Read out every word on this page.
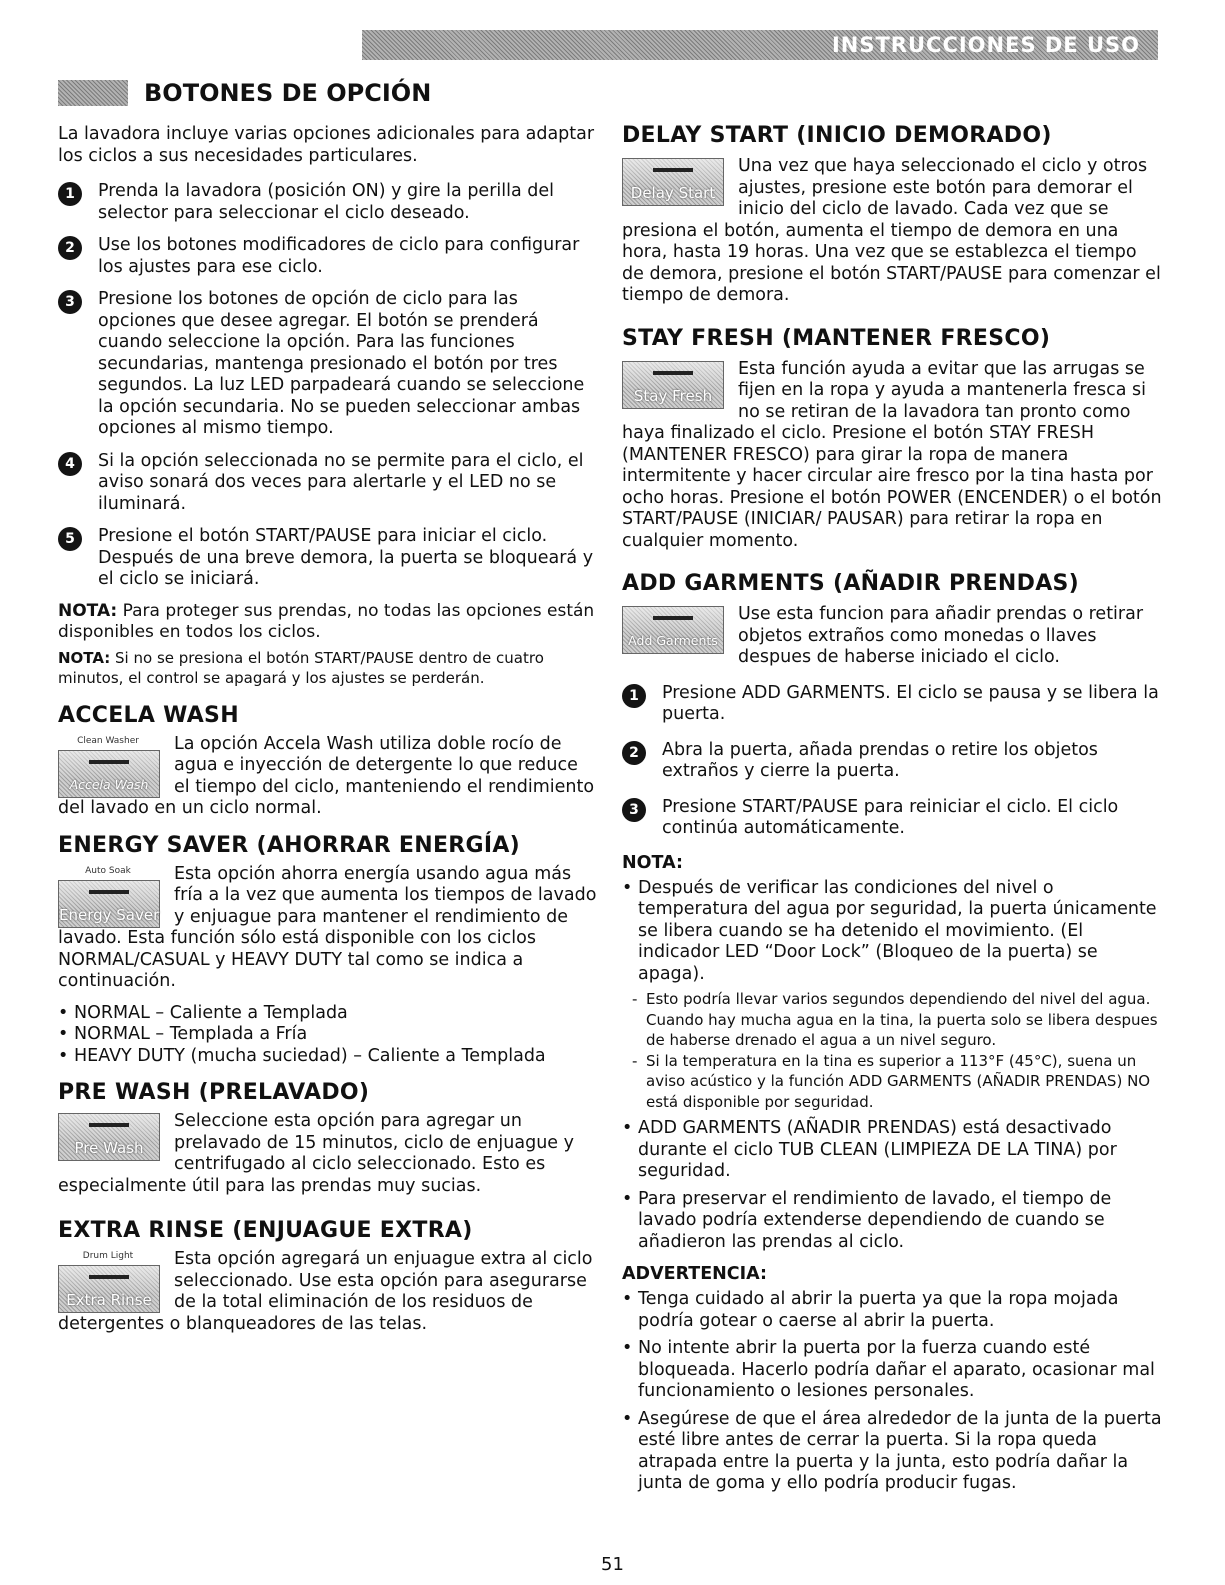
INSTRUCCIONES DE USO
BOTONES DE OPCIÓN

La lavadora incluye varias opciones adicionales para adaptar los ciclos a sus necesidades particulares.

1	Prenda la lavadora (posición ON) y gire la perilla del selector para seleccionar el ciclo deseado.

2	Use los botones modificadores de ciclo para configurar los ajustes para ese ciclo.

3	Presione los botones de opción de ciclo para las opciones que desee agregar. El botón se prenderá cuando seleccione la opción. Para las funciones secundarias, mantenga presionado el botón por tres segundos. La luz LED parpadeará cuando se seleccione la opción secundaria. No se pueden seleccionar ambas opciones al mismo tiempo.

4	Si la opción seleccionada no se permite para el ciclo, el aviso sonará dos veces para alertarle y el LED no se iluminará.

5	Presione el botón START/PAUSE para iniciar el ciclo. Después de una breve demora, la puerta se bloqueará y el ciclo se iniciará.

NOTA: Para proteger sus prendas, no todas las opciones están disponibles en todos los ciclos.

NOTA: Si no se presiona el botón START/PAUSE dentro de cuatro minutos, el control se apagará y los ajustes se perderán.

ACCELA WASH
Clean Washer
Accela Wash

La opción Accela Wash utiliza doble rocío de agua e inyección de detergente lo que reduce el tiempo del ciclo, manteniendo el rendimiento del lavado en un ciclo normal.

ENERGY SAVER (AHORRAR ENERGÍA)
Auto Soak
Energy Saver

Esta opción ahorra energía usando agua más fría a la vez que aumenta los tiempos de lavado y enjuague para mantener el rendimiento de lavado. Esta función sólo está disponible con los ciclos NORMAL/CASUAL y HEAVY DUTY tal como se indica a continuación.

• NORMAL – Caliente a Templada
• NORMAL – Templada a Fría
• HEAVY DUTY (mucha suciedad) – Caliente a Templada
PRE WASH (PRELAVADO)
Pre Wash

Seleccione esta opción para agregar un prelavado de 15 minutos, ciclo de enjuague y centrifugado al ciclo seleccionado. Esto es especialmente útil para las prendas muy sucias.

EXTRA RINSE (ENJUAGUE EXTRA)
Drum Light
Extra Rinse

Esta opción agregará un enjuague extra al ciclo seleccionado. Use esta opción para asegurarse de la total eliminación de los residuos de detergentes o blanqueadores de las telas.

DELAY START (INICIO DEMORADO)
Delay Start

Una vez que haya seleccionado el ciclo y otros ajustes, presione este botón para demorar el inicio del ciclo de lavado. Cada vez que se presiona el botón, aumenta el tiempo de demora en una hora, hasta 19 horas. Una vez que se establezca el tiempo de demora, presione el botón START/PAUSE para comenzar el tiempo de demora.

STAY FRESH (MANTENER FRESCO)
Stay Fresh

Esta función ayuda a evitar que las arrugas se fijen en la ropa y ayuda a mantenerla fresca si no se retiran de la lavadora tan pronto como haya finalizado el ciclo. Presione el botón STAY FRESH (MANTENER FRESCO) para girar la ropa de manera intermitente y hacer circular aire fresco por la tina hasta por ocho horas. Presione el botón POWER (ENCENDER) o el botón START/PAUSE (INICIAR/ PAUSAR) para retirar la ropa en cualquier momento.

ADD GARMENTS (AÑADIR PRENDAS)
Add Garments

Use esta funcion para añadir prendas o retirar objetos extraños como monedas o llaves despues de haberse iniciado el ciclo.

1	Presione ADD GARMENTS. El ciclo se pausa y se libera la puerta.

2	Abra la puerta, añada prendas o retire los objetos extraños y cierre la puerta.

3	Presione START/PAUSE para reiniciar el ciclo. El ciclo continúa automáticamente.

NOTA:
• Después de verificar las condiciones del nivel o temperatura del agua por seguridad, la puerta únicamente se libera cuando se ha detenido el movimiento. (El indicador LED “Door Lock” (Bloqueo de la puerta) se apaga).
- Esto podría llevar varios segundos dependiendo del nivel del agua. Cuando hay mucha agua en la tina, la puerta solo se libera despues de haberse drenado el agua a un nivel seguro.
- Si la temperatura en la tina es superior a 113°F (45°C), suena un aviso acústico y la función ADD GARMENTS (AÑADIR PRENDAS) NO está disponible por seguridad.
• ADD GARMENTS (AÑADIR PRENDAS) está desactivado durante el ciclo TUB CLEAN (LIMPIEZA DE LA TINA) por seguridad.
• Para preservar el rendimiento de lavado, el tiempo de lavado podría extenderse dependiendo de cuando se añadieron las prendas al ciclo.
ADVERTENCIA:
• Tenga cuidado al abrir la puerta ya que la ropa mojada podría gotear o caerse al abrir la puerta.
• No intente abrir la puerta por la fuerza cuando esté bloqueada. Hacerlo podría dañar el aparato, ocasionar mal funcionamiento o lesiones personales.
• Asegúrese de que el área alrededor de la junta de la puerta esté libre antes de cerrar la puerta. Si la ropa queda atrapada entre la puerta y la junta, esto podría dañar la junta de goma y ello podría producir fugas.
51
